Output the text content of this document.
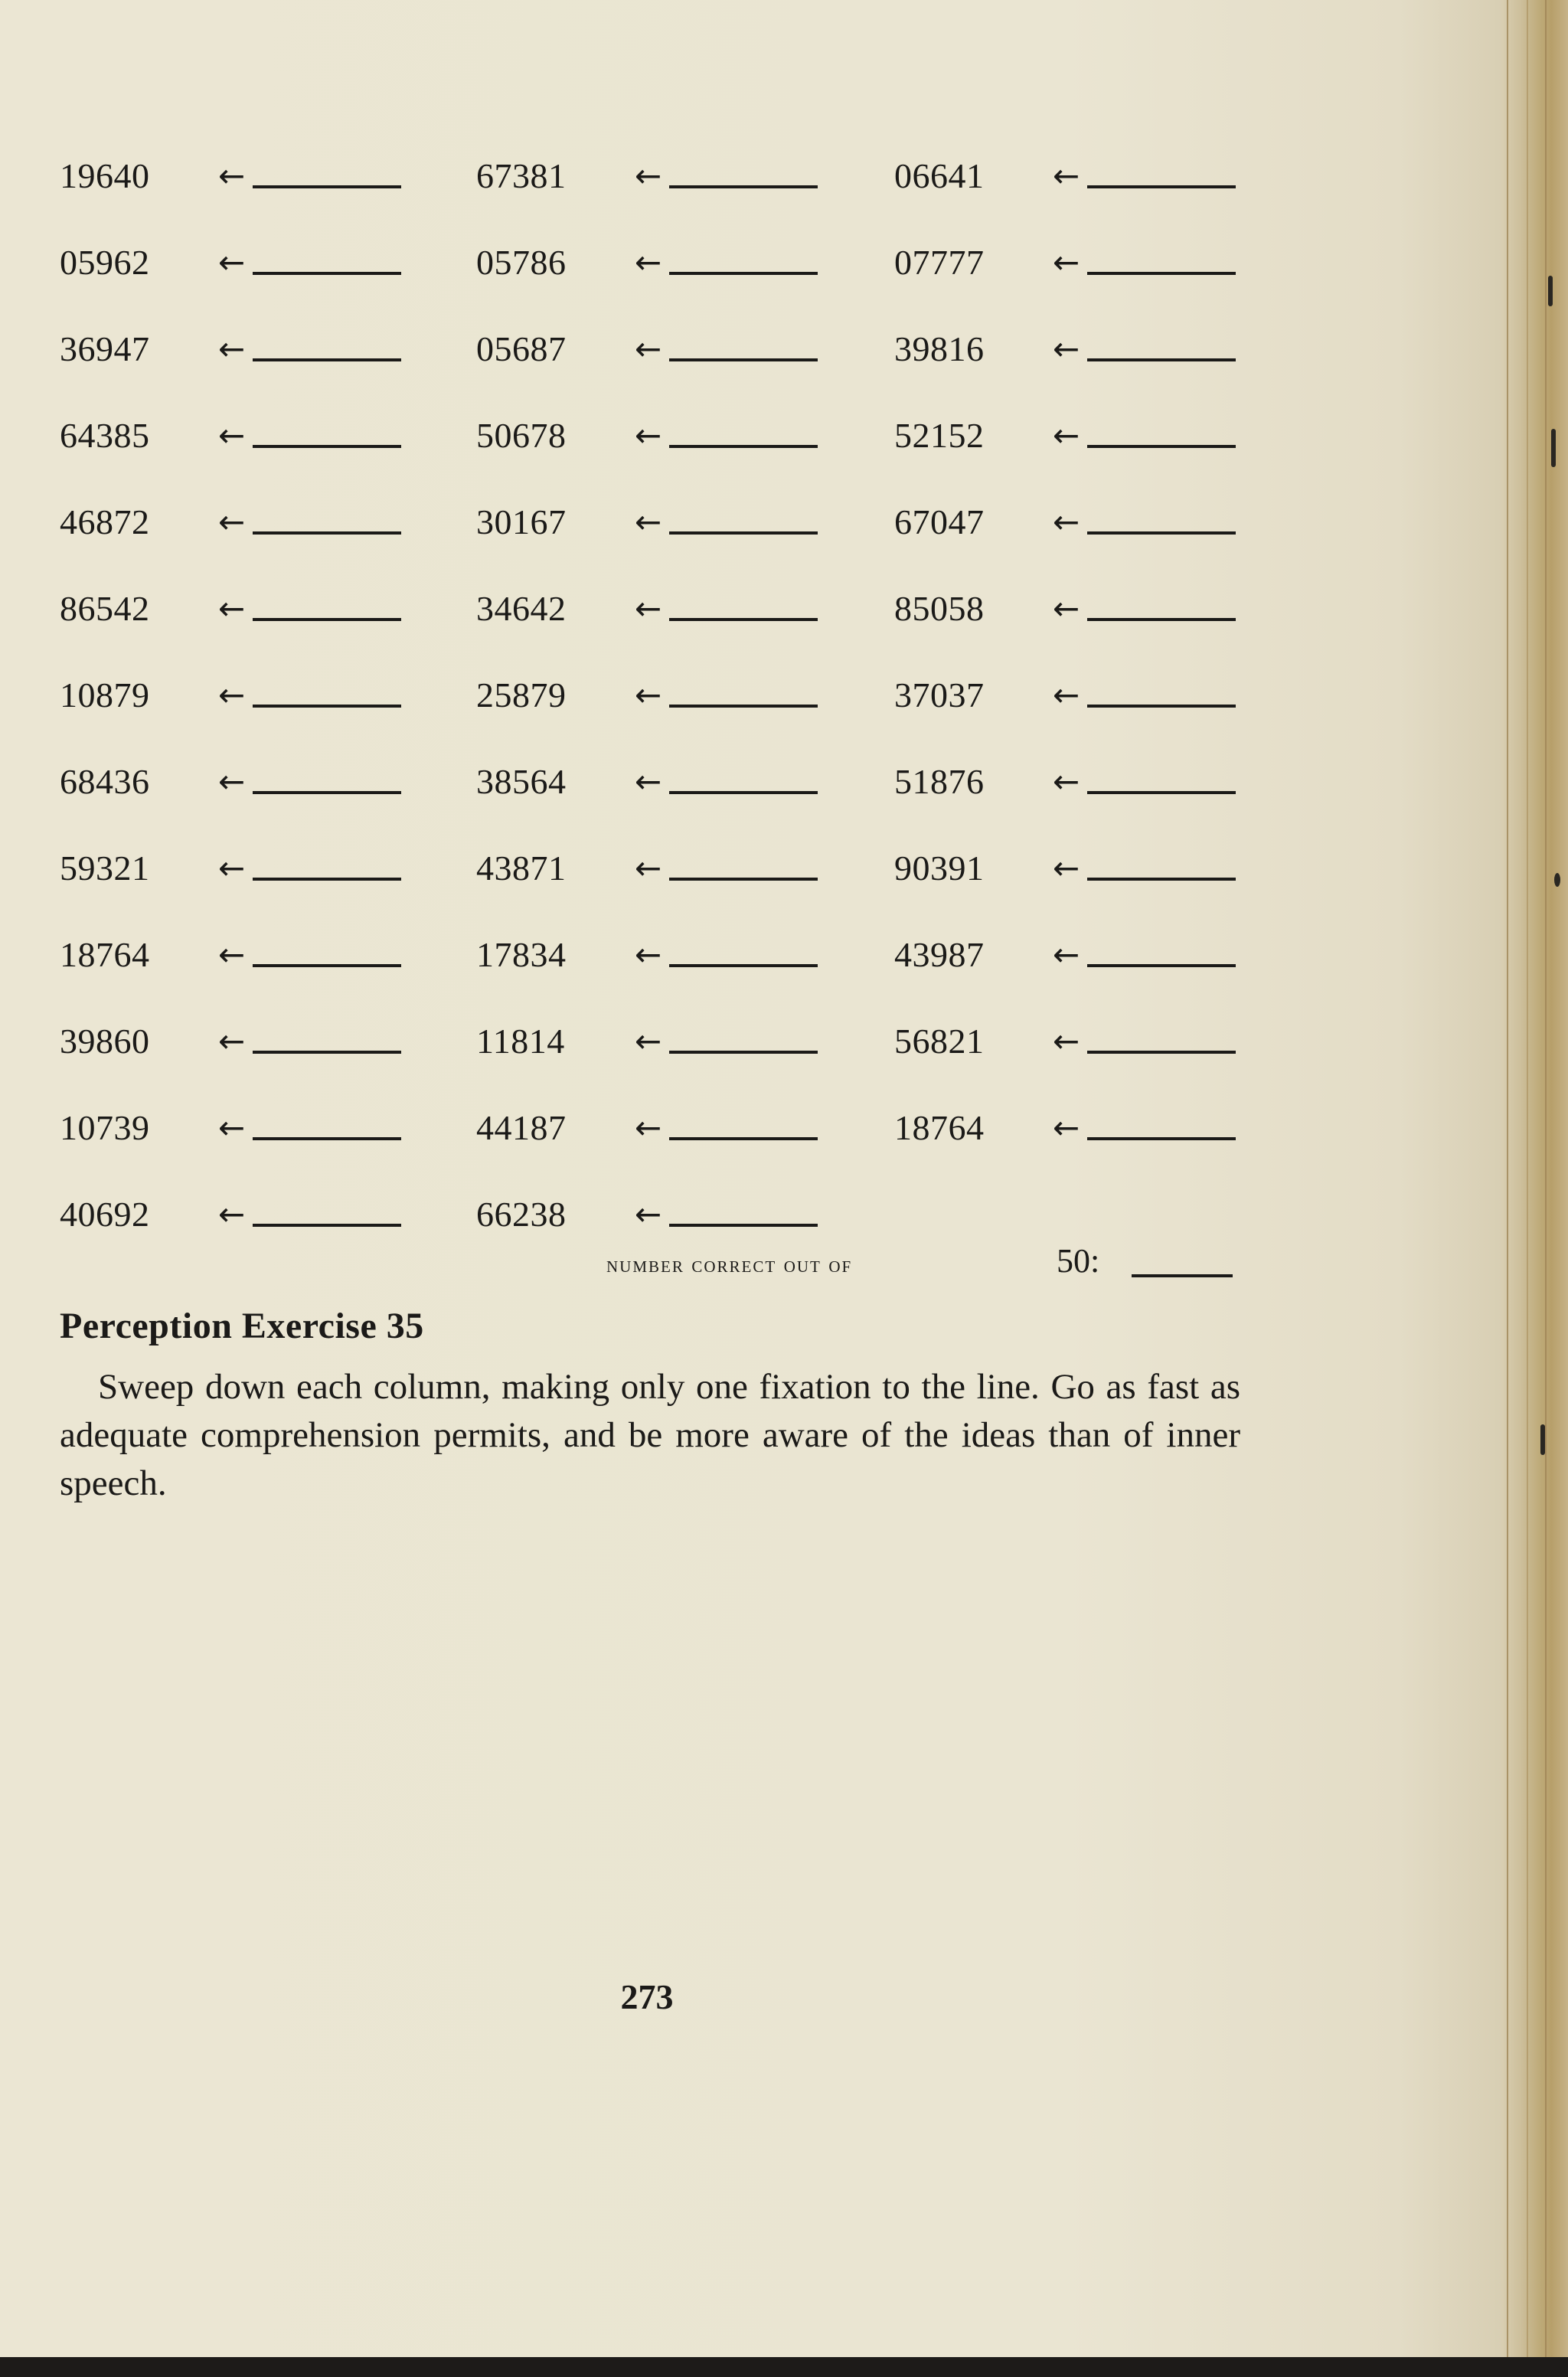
19640 ←
05962 ←
36947 ←
64385 ←
46872 ←
86542 ←
10879 ←
68436 ←
59321 ←
18764 ←
39860 ←
10739 ←
40692 ←
67381 ←
05786 ←
05687 ←
50678 ←
30167 ←
34642 ←
25879 ←
38564 ←
43871 ←
17834 ←
11814 ←
44187 ←
66238 ←
06641 ←
07777 ←
39816 ←
52152 ←
67047 ←
85058 ←
37037 ←
51876 ←
90391 ←
43987 ←
56821 ←
18764 ←
number correct out of	50:
Perception Exercise 35
Sweep down each column, making only one fixation to the line. Go as fast as adequate comprehension permits, and be more aware of the ideas than of inner speech.
273
